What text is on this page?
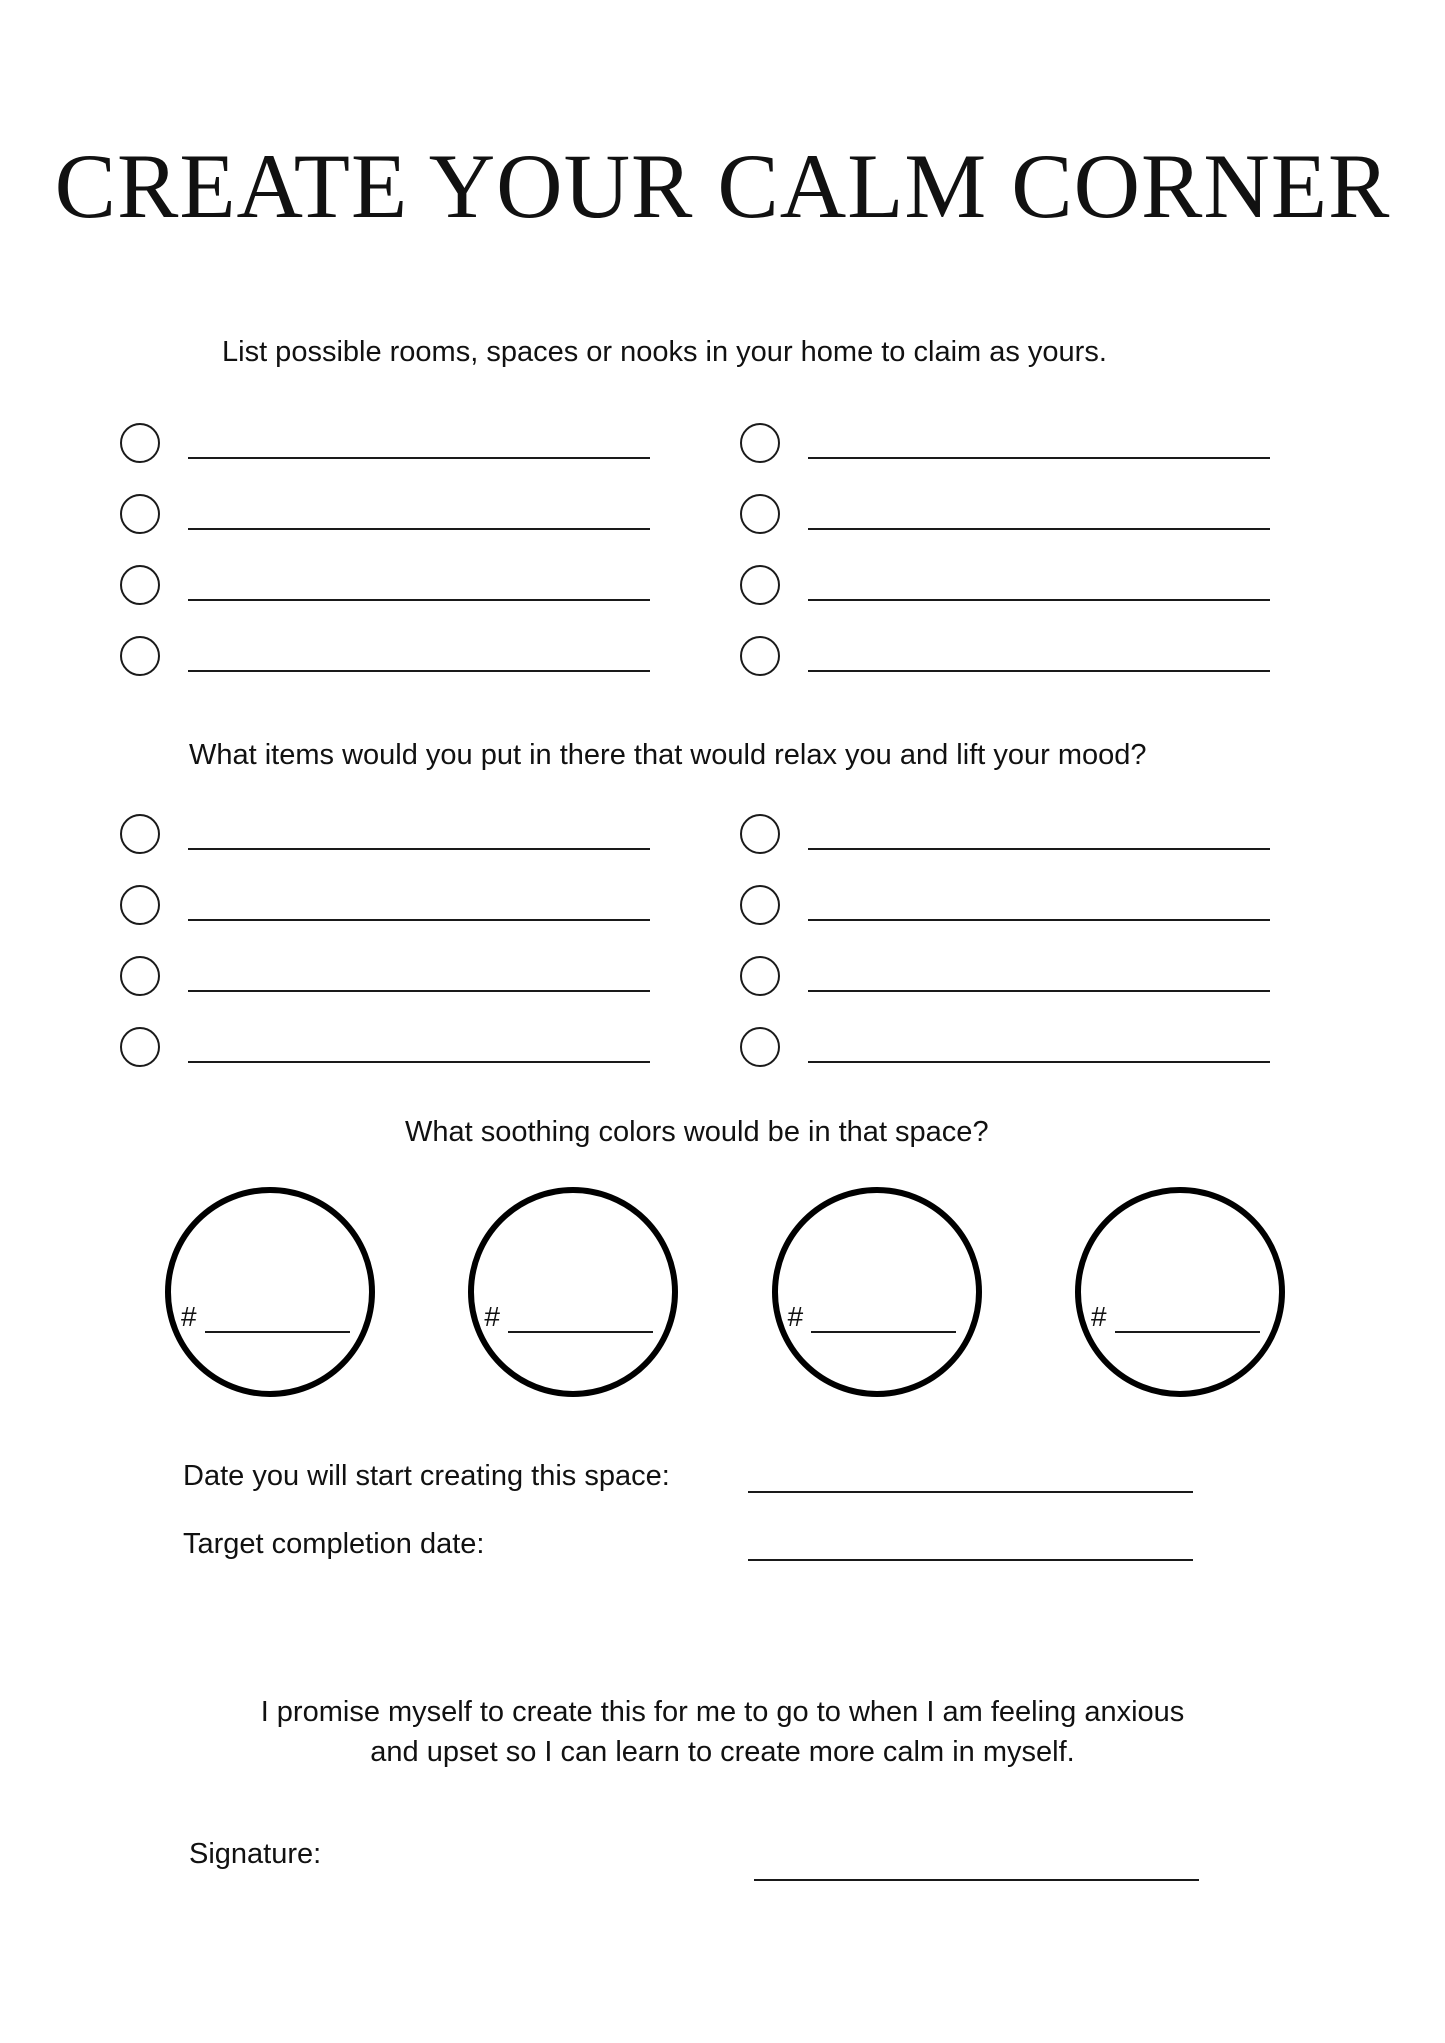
CREATE YOUR CALM CORNER
List possible rooms, spaces or nooks in your home to claim as yours.
What items would you put in there that would relax you and lift your mood?
What soothing colors would be in that space?
#	#	#	#
Date you will start creating this space:
Target completion date:
I promise myself to create this for me to go to when I am feeling anxious
and upset so I can learn to create more calm in myself.
Signature:
